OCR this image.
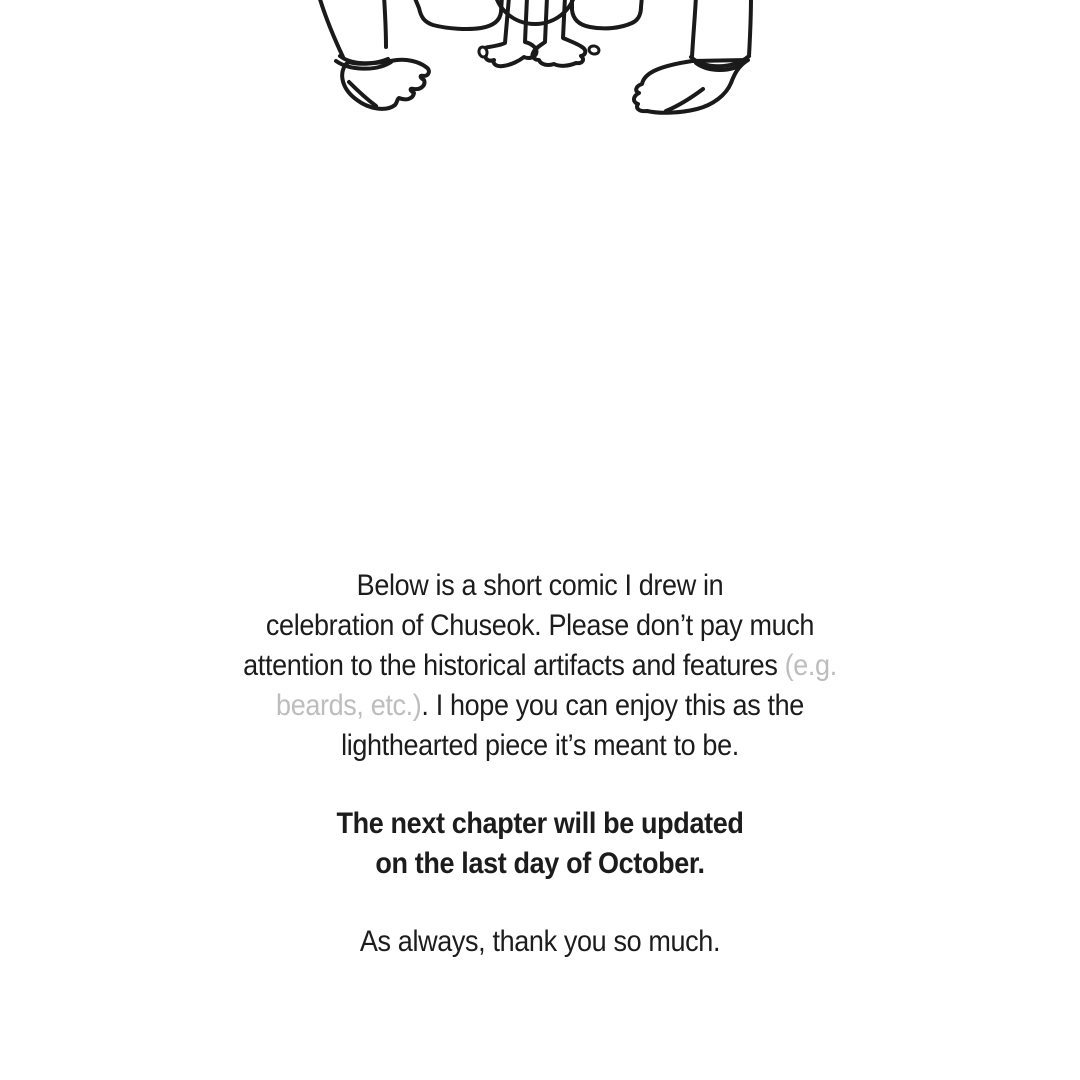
Below is a short comic I drew in
celebration of Chuseok. Please don’t pay much
attention to the historical artifacts and features (e.g.
beards, etc.). I hope you can enjoy this as the
lighthearted piece it’s meant to be.
The next chapter will be updated
on the last day of October.
As always, thank you so much.
